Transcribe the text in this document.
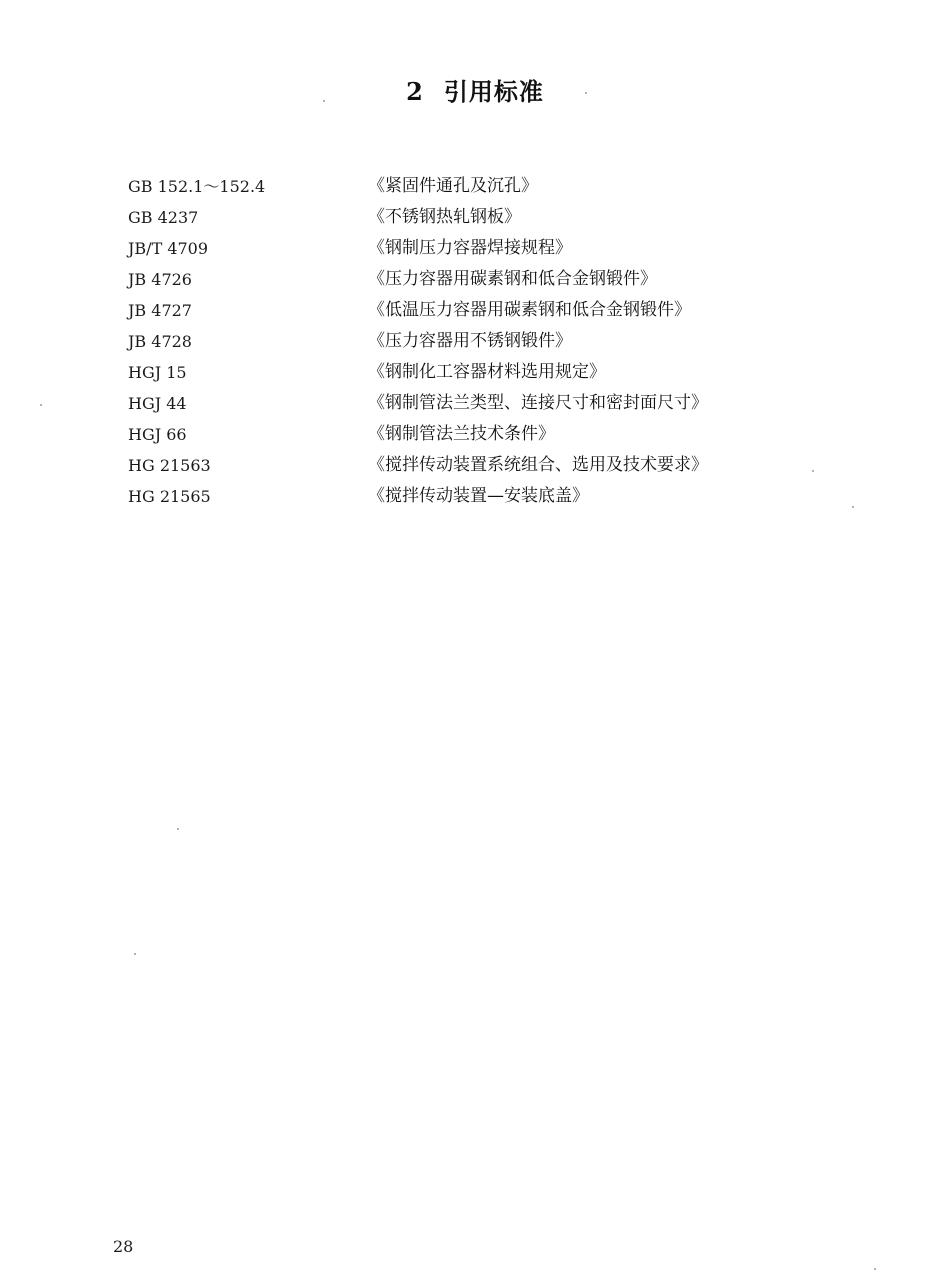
2 引用标准
GB 152.1～152.4	《紧固件通孔及沉孔》
GB 4237	《不锈钢热轧钢板》
JB/T 4709	《钢制压力容器焊接规程》
JB 4726	《压力容器用碳素钢和低合金钢锻件》
JB 4727	《低温压力容器用碳素钢和低合金钢锻件》
JB 4728	《压力容器用不锈钢锻件》
HGJ 15	《钢制化工容器材料选用规定》
HGJ 44	《钢制管法兰类型、连接尺寸和密封面尺寸》
HGJ 66	《钢制管法兰技术条件》
HG 21563	《搅拌传动装置系统组合、选用及技术要求》
HG 21565	《搅拌传动装置—安装底盖》
28
